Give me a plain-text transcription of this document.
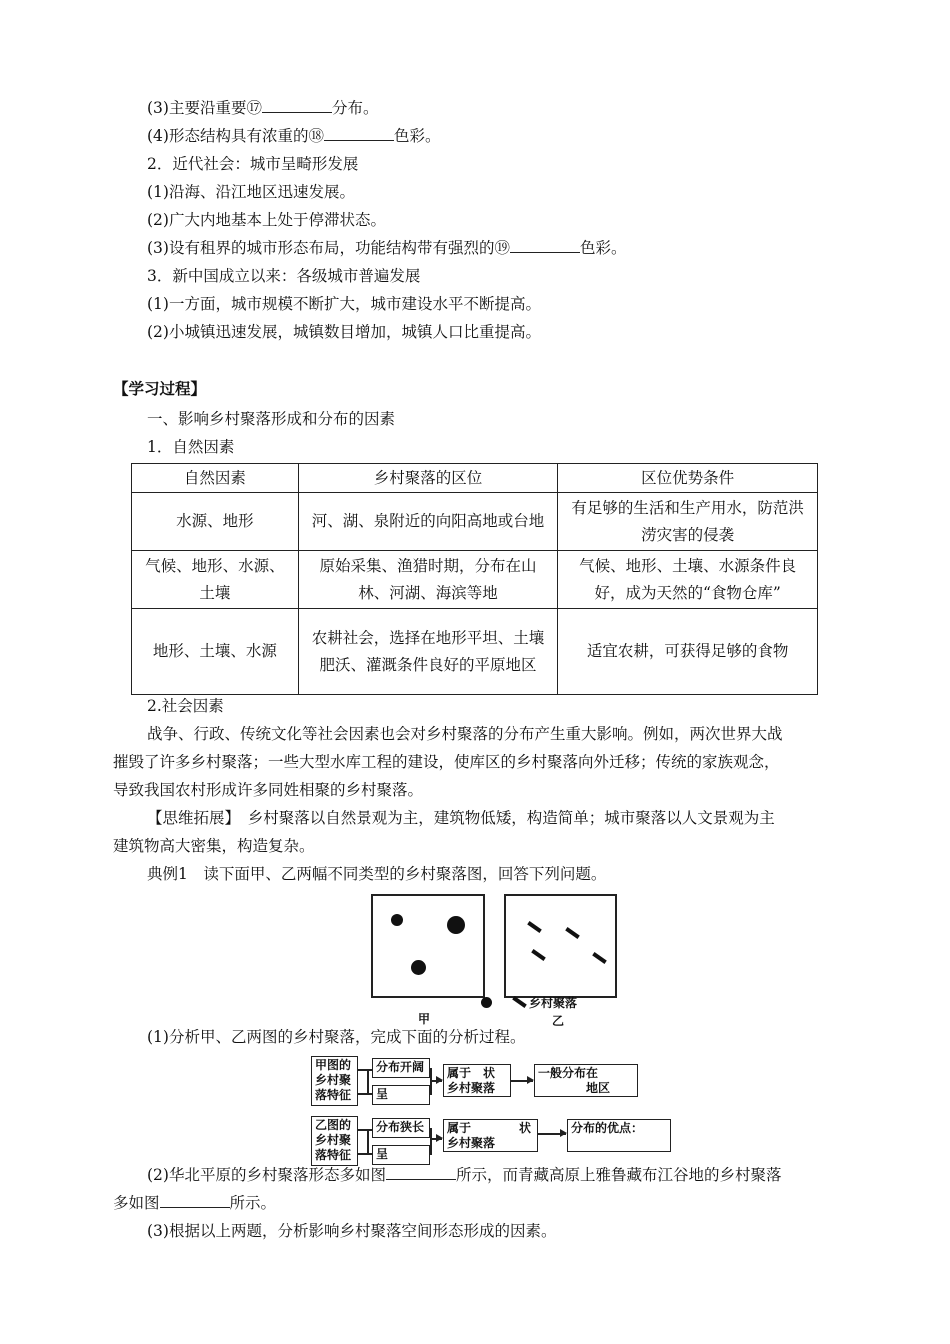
(3)主要沿重要⑰	分布。
(4)形态结构具有浓重的⑱	色彩。
2．近代社会：城市呈畸形发展
(1)沿海、沿江地区迅速发展。
(2)广大内地基本上处于停滞状态。
(3)设有租界的城市形态布局，功能结构带有强烈的⑲	色彩。
3．新中国成立以来：各级城市普遍发展
(1)一方面，城市规模不断扩大，城市建设水平不断提高。
(2)小城镇迅速发展，城镇数目增加，城镇人口比重提高。
【学习过程】
一、影响乡村聚落形成和分布的因素
1．自然因素
自然因素	乡村聚落的区位	区位优势条件
水源、地形	河、湖、泉附近的向阳高地或台地	有足够的生活和生产用水，防范洪涝灾害的侵袭
气候、地形、水源、土壤	原始采集、渔猎时期，分布在山林、河湖、海滨等地	气候、地形、土壤、水源条件良好，成为天然的“食物仓库”
地形、土壤、水源	农耕社会，选择在地形平坦、土壤肥沃、灌溉条件良好的平原地区	适宜农耕，可获得足够的食物
2.社会因素
战争、行政、传统文化等社会因素也会对乡村聚落的分布产生重大影响。例如，两次世界大战
摧毁了许多乡村聚落；一些大型水库工程的建设，使库区的乡村聚落向外迁移；传统的家族观念，
导致我国农村形成许多同姓相聚的乡村聚落。
【思维拓展】　乡村聚落以自然景观为主，建筑物低矮，构造简单；城市聚落以人文景观为主
建筑物高大密集，构造复杂。
典例1　读下面甲、乙两幅不同类型的乡村聚落图，回答下列问题。
乡村聚落
甲	乙
(1)分析甲、乙两图的乡村聚落，完成下面的分析过程。
甲图的乡村聚落特征
分布开阔
呈
属于　 状
乡村聚落
一般分布在
地区
乙图的乡村聚落特征
分布狭长
呈
属于　　　　	状
乡村聚落
分布的优点：
(2)华北平原的乡村聚落形态多如图	所示，而青藏高原上雅鲁藏布江谷地的乡村聚落
多如图	所示。
(3)根据以上两题，分析影响乡村聚落空间形态形成的因素。
